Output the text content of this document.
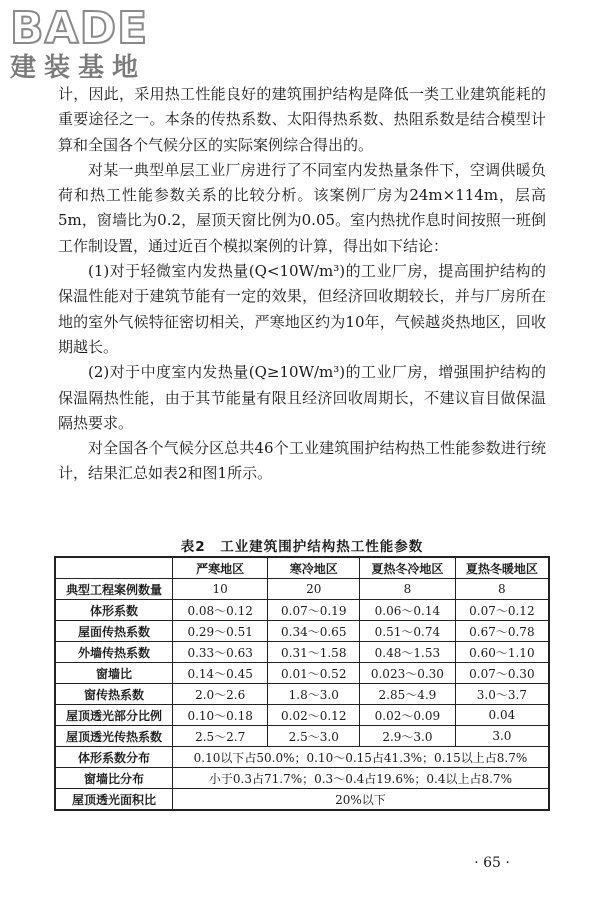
BADE
建装基地

计，因此，采用热工性能良好的建筑围护结构是降低一类工业建筑能耗的重要途径之一。本条的传热系数、太阳得热系数、热阻系数是结合模型计算和全国各个气候分区的实际案例综合得出的。

对某一典型单层工业厂房进行了不同室内发热量条件下，空调供暖负荷和热工性能参数关系的比较分析。该案例厂房为24m×114m，层高5m，窗墙比为0.2，屋顶天窗比例为0.05。室内热扰作息时间按照一班倒工作制设置，通过近百个模拟案例的计算，得出如下结论：

(1)对于轻微室内发热量(Q<10W/m³)的工业厂房，提高围护结构的保温性能对于建筑节能有一定的效果，但经济回收期较长，并与厂房所在地的室外气候特征密切相关，严寒地区约为10年，气候越炎热地区，回收期越长。

(2)对于中度室内发热量(Q≥10W/m³)的工业厂房，增强围护结构的保温隔热性能，由于其节能量有限且经济回收周期长，不建议盲目做保温隔热要求。

对全国各个气候分区总共46个工业建筑围护结构热工性能参数进行统计，结果汇总如表2和图1所示。

表2　工业建筑围护结构热工性能参数
	严寒地区	寒冷地区	夏热冬冷地区	夏热冬暖地区
典型工程案例数量	10	20	8	8
体形系数	0.08～0.12	0.07～0.19	0.06～0.14	0.07～0.12
屋面传热系数	0.29～0.51	0.34～0.65	0.51～0.74	0.67～0.78
外墙传热系数	0.33～0.63	0.31～1.58	0.48～1.53	0.60～1.10
窗墙比	0.14～0.45	0.01～0.52	0.023～0.30	0.07～0.30
窗传热系数	2.0～2.6	1.8～3.0	2.85～4.9	3.0～3.7
屋顶透光部分比例	0.10～0.18	0.02～0.12	0.02～0.09	0.04
屋顶透光传热系数	2.5～2.7	2.5～3.0	2.9～3.0	3.0
体形系数分布	0.10以下占50.0%；0.10～0.15占41.3%；0.15以上占8.7%			
窗墙比分布	小于0.3占71.7%；0.3～0.4占19.6%；0.4以上占8.7%			
屋顶透光面积比	20%以下			
· 65 ·
